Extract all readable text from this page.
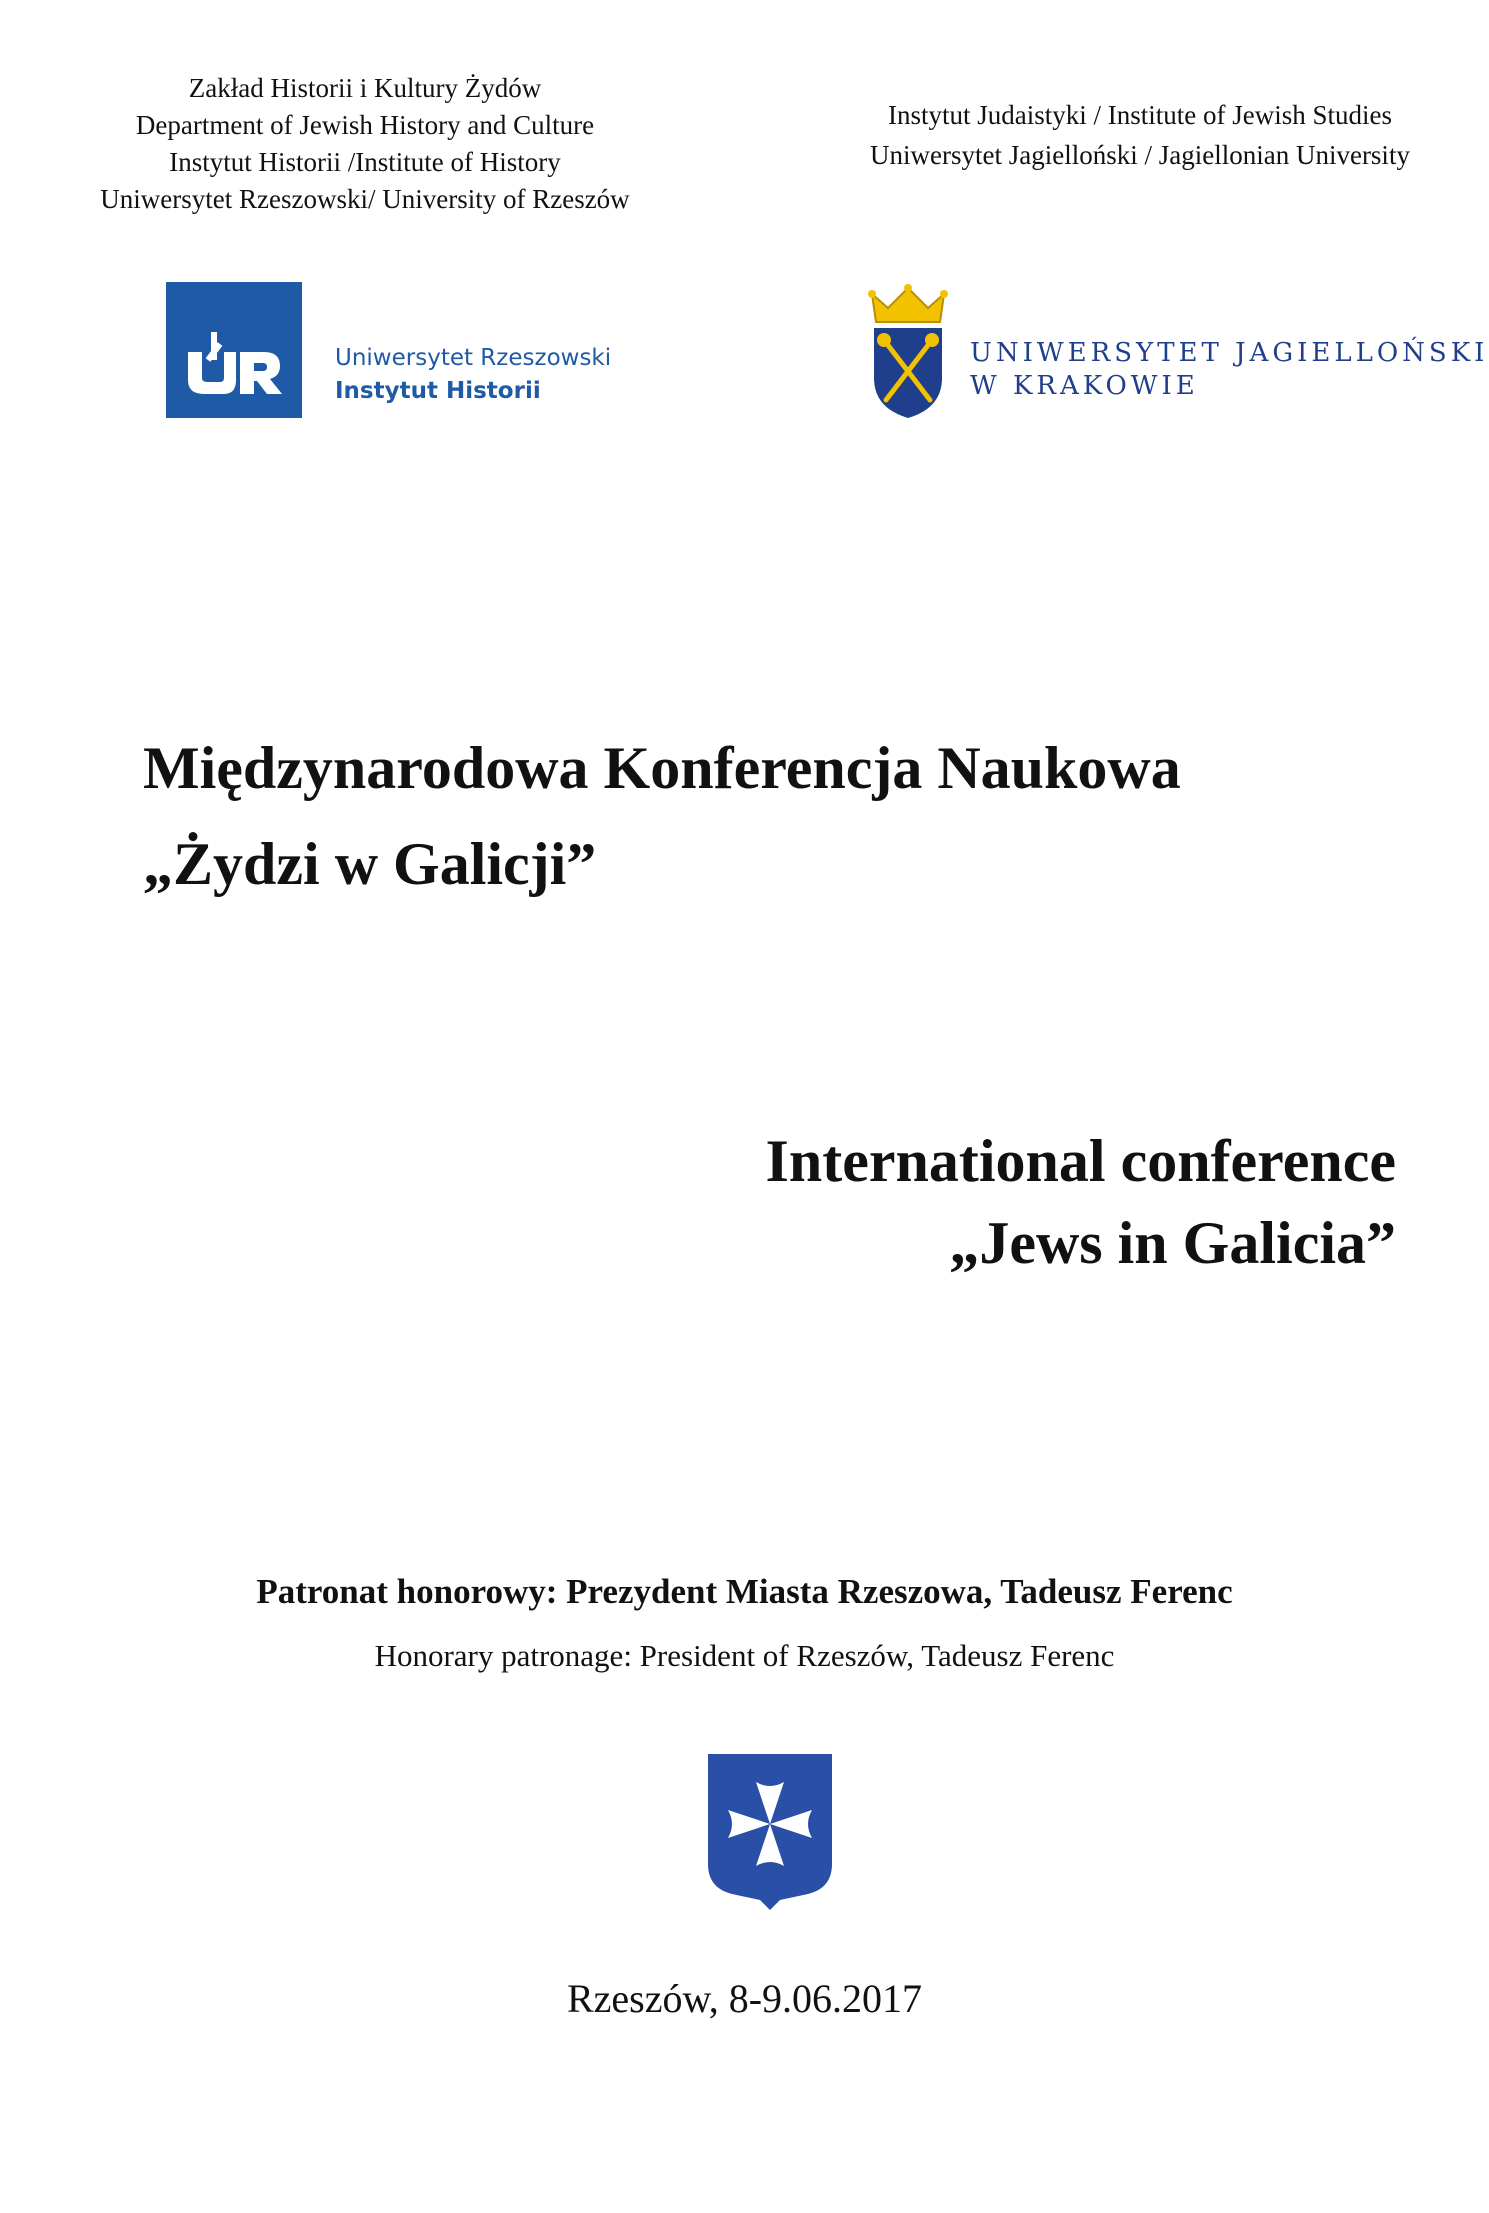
Zakład Historii i Kultury Żydów
Department of Jewish History and Culture
Instytut Historii /Institute of History
Uniwersytet Rzeszowski/ University of Rzeszów
Instytut Judaistyki / Institute of Jewish Studies
Uniwersytet Jagielloński / Jagiellonian University
Uniwersytet Rzeszowski
Instytut Historii
UNIWERSYTET JAGIELLOŃSKI
W KRAKOWIE
Międzynarodowa Konferencja Naukowa
„Żydzi w Galicji”
International conference
„Jews in Galicia”
Patronat honorowy: Prezydent Miasta Rzeszowa, Tadeusz Ferenc
Honorary patronage: President of Rzeszów, Tadeusz Ferenc
Rzeszów, 8-9.06.2017
